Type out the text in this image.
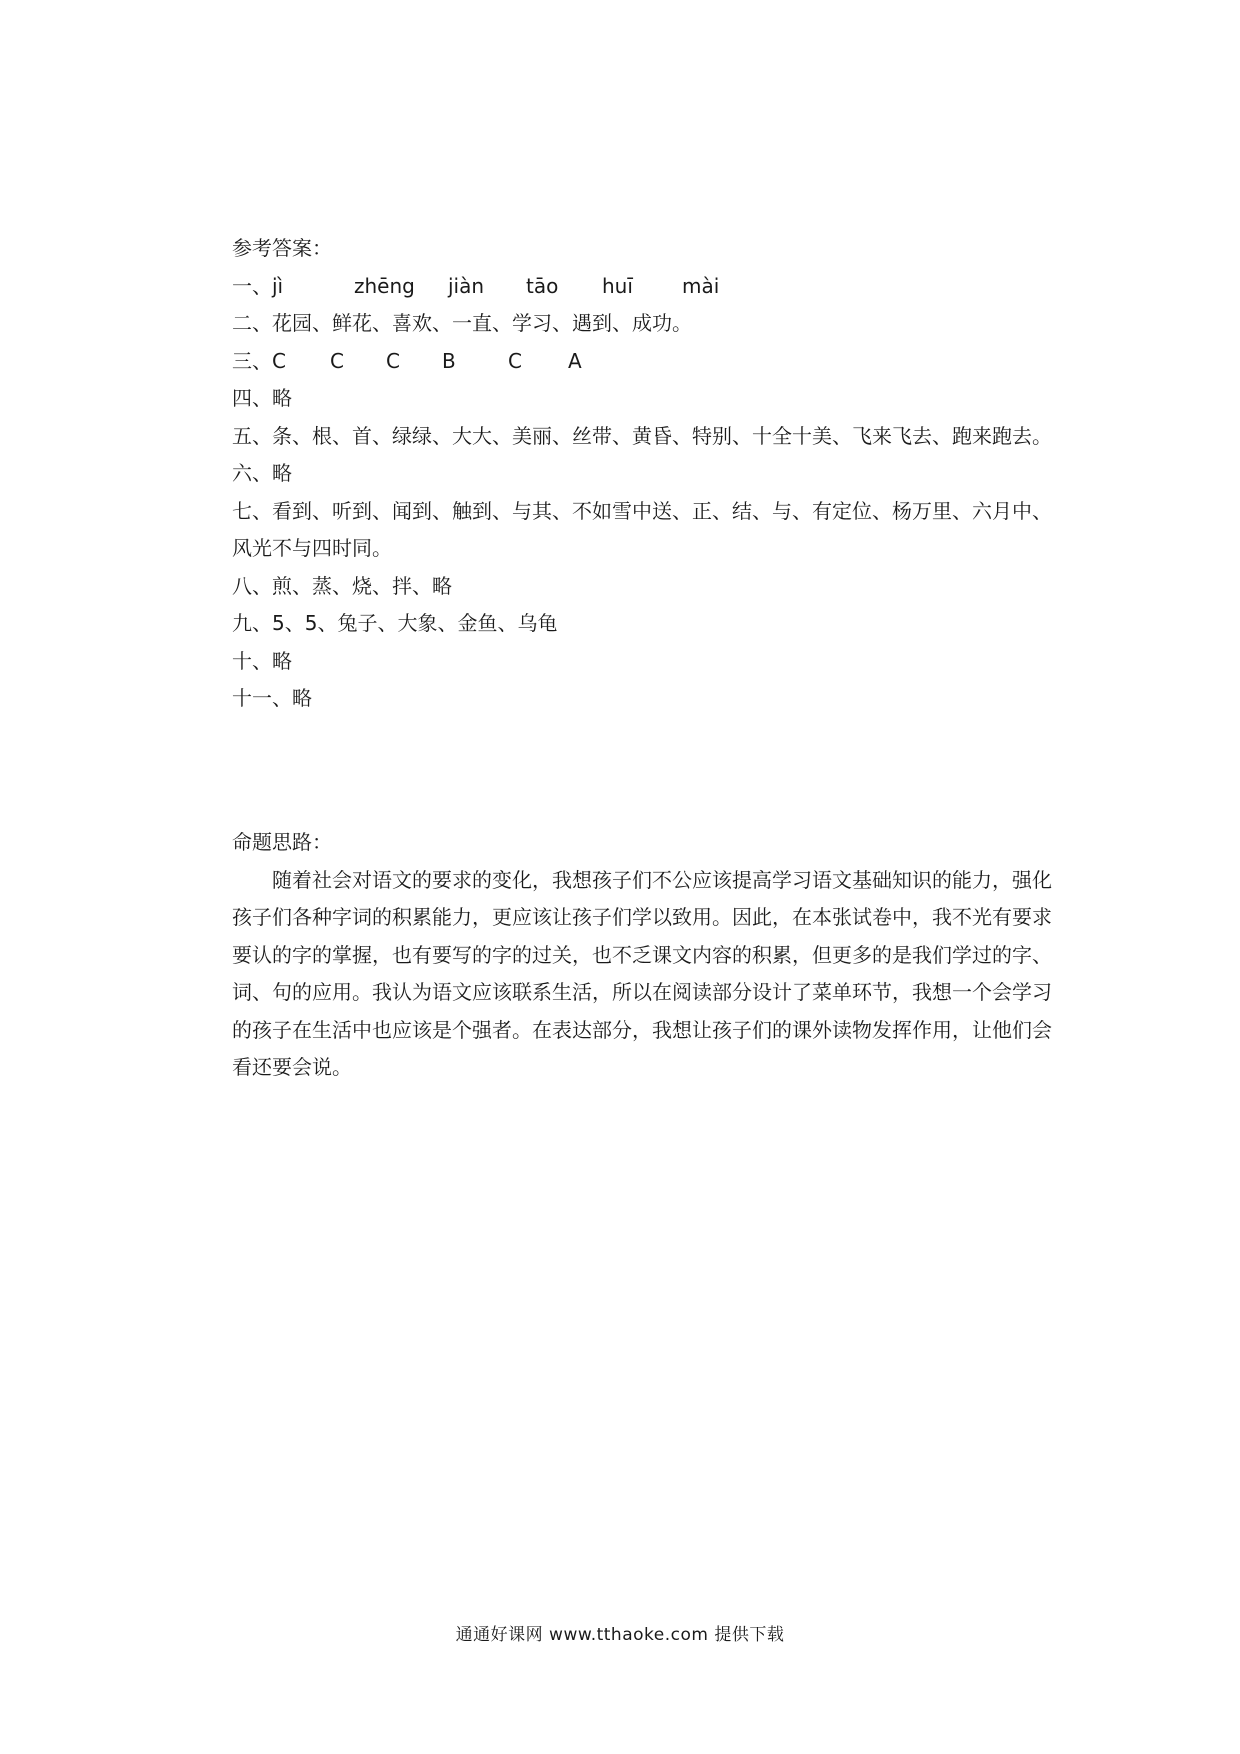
参考答案：
一、jì	zhēng jiàn tāo huī mài
二、花园、鲜花、喜欢、一直、学习、遇到、成功。
三、C C C B	C A
四、略
五、条、根、首、绿绿、大大、美丽、丝带、黄昏、特别、十全十美、飞来飞去、跑来跑去。
六、略
七、看到、听到、闻到、触到、与其、不如雪中送、正、结、与、有定位、杨万里、六月中、风光不与四时同。
八、煎、蒸、烧、拌、略
九、5、5、兔子、大象、金鱼、乌龟
十、略
十一、略
命题思路：

随着社会对语文的要求的变化，我想孩子们不公应该提高学习语文基础知识的能力，强化孩子们各种字词的积累能力，更应该让孩子们学以致用。因此，在本张试卷中，我不光有要求要认的字的掌握，也有要写的字的过关，也不乏课文内容的积累，但更多的是我们学过的字、词、句的应用。我认为语文应该联系生活，所以在阅读部分设计了菜单环节，我想一个会学习的孩子在生活中也应该是个强者。在表达部分，我想让孩子们的课外读物发挥作用，让他们会看还要会说。

通通好课网 www.tthaoke.com 提供下载
